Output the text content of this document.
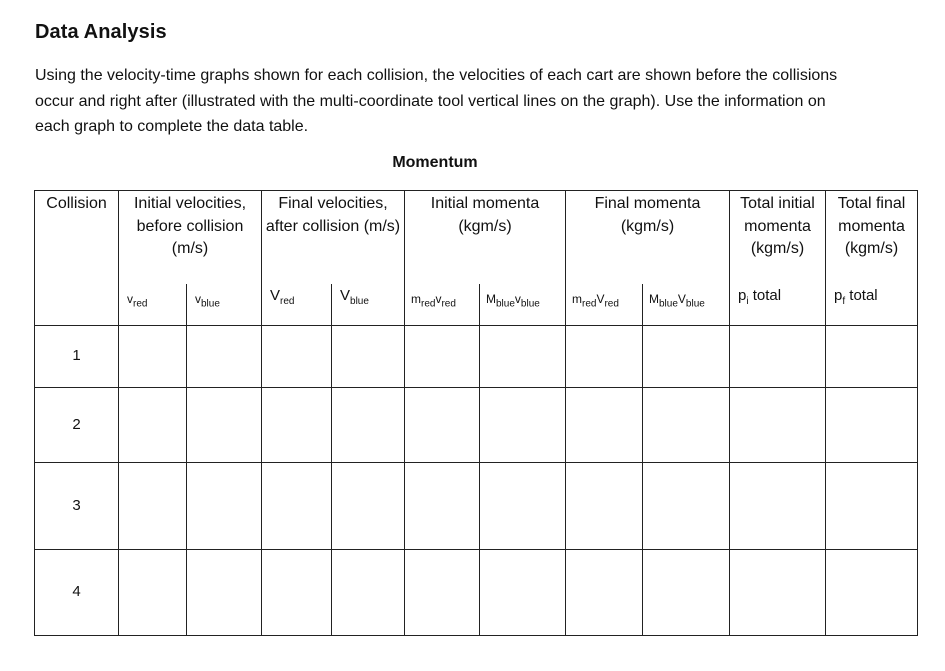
Data Analysis
Using the velocity-time graphs shown for each collision, the velocities of each cart are shown before the collisions occur and right after (illustrated with the multi-coordinate tool vertical lines on the graph). Use the information on each graph to complete the data table.
Momentum
Collision	Initial velocities, before collision (m/s)		Final velocities, after collision (m/s)		Initial momenta (kgm/s)		Final momenta (kgm/s)		Total initial momenta (kgm/s)	Total final momenta (kgm/s)
	$v_{red}$	$v_{blue}$	$V_{red}$	$V_{blue}$	$m_{red}v_{red}$	$M_{blue}v_{blue}$	$m_{red}V_{red}$	$M_{blue}V_{blue}$	$p_i$ total	$p_f$ total
1										
2										
3										
4										
